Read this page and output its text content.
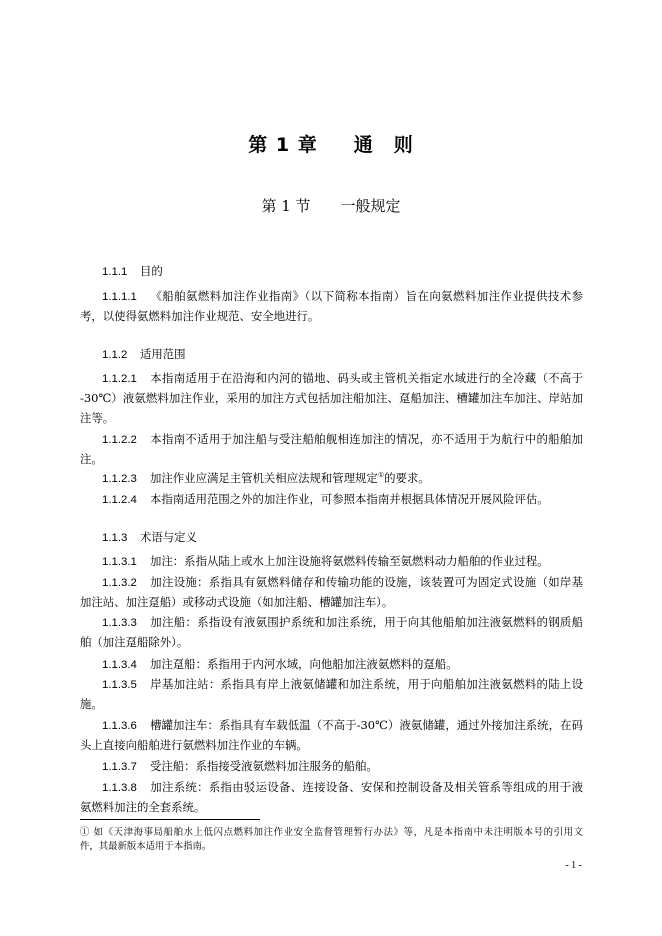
第 1 章 通　则
第 1 节 一般规定
1.1.1 目的
1.1.1.1 《船舶氨燃料加注作业指南》（以下简称本指南）旨在向氨燃料加注作业提供技术参
考，以使得氨燃料加注作业规范、安全地进行。
1.1.2 适用范围
1.1.2.1 本指南适用于在沿海和内河的锚地、码头或主管机关指定水域进行的全冷藏（不高于
-30℃）液氨燃料加注作业，采用的加注方式包括加注船加注、趸船加注、槽罐加注车加注、岸站加
注等。
1.1.2.2 本指南不适用于加注船与受注船舶舰相连加注的情况，亦不适用于为航行中的船舶加
注。
1.1.2.3 加注作业应满足主管机关相应法规和管理规定①的要求。
1.1.2.4 本指南适用范围之外的加注作业，可参照本指南并根据具体情况开展风险评估。
1.1.3 术语与定义
1.1.3.1 加注：系指从陆上或水上加注设施将氨燃料传输至氨燃料动力船舶的作业过程。
1.1.3.2 加注设施：系指具有氨燃料储存和传输功能的设施，该装置可为固定式设施（如岸基
加注站、加注趸船）或移动式设施（如加注船、槽罐加注车）。
1.1.3.3 加注船：系指设有液氨围护系统和加注系统，用于向其他船舶加注液氨燃料的钢质船
舶（加注趸船除外）。
1.1.3.4 加注趸船：系指用于内河水域，向他船加注液氨燃料的趸船。
1.1.3.5 岸基加注站：系指具有岸上液氨储罐和加注系统，用于向船舶加注液氨燃料的陆上设
施。
1.1.3.6 槽罐加注车：系指具有车载低温（不高于-30℃）液氨储罐，通过外接加注系统，在码
头上直接向船舶进行氨燃料加注作业的车辆。
1.1.3.7 受注船：系指接受液氨燃料加注服务的船舶。
1.1.3.8 加注系统：系指由驳运设备、连接设备、安保和控制设备及相关管系等组成的用于液
氨燃料加注的全套系统。
① 如《天津海事局船舶水上低闪点燃料加注作业安全监督管理暂行办法》等，凡是本指南中未注明版本号的引用文
件，其最新版本适用于本指南。
- 1 -
